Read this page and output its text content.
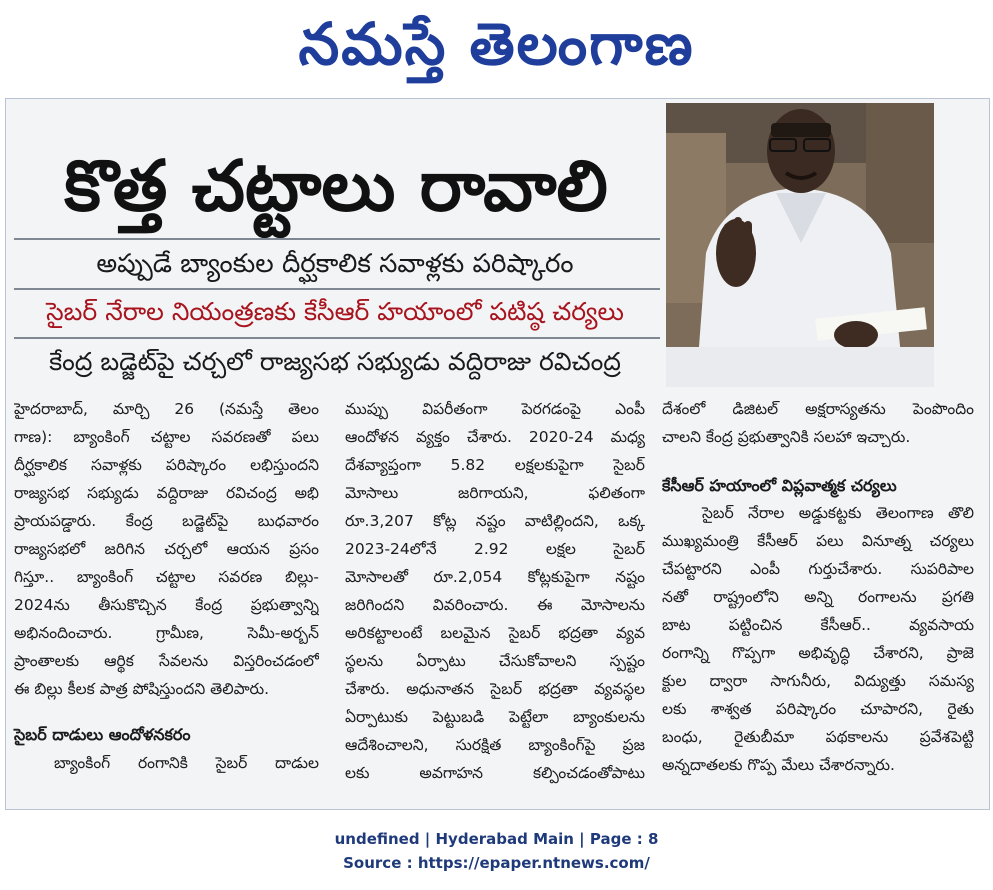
నమస్తే తెలంగాణ
కొత్త చట్టాలు రావాలి
అప్పుడే బ్యాంకుల దీర్ఘకాలిక సవాళ్లకు పరిష్కారం
సైబర్ నేరాల నియంత్రణకు కేసీఆర్ హయాంలో పటిష్ఠ చర్యలు
కేంద్ర బడ్జెట్‌పై చర్చలో రాజ్యసభ సభ్యుడు వద్దిరాజు రవిచంద్ర
హైదరాబాద్, మార్చి 26 (నమస్తే తెలం
గాణ): బ్యాంకింగ్ చట్టాల సవరణతో పలు
దీర్ఘకాలిక సవాళ్లకు పరిష్కారం లభిస్తుందని
రాజ్యసభ సభ్యుడు వద్దిరాజు రవిచంద్ర అభి
ప్రాయపడ్డారు. కేంద్ర బడ్జెట్‌పై బుధవారం
రాజ్యసభలో జరిగిన చర్చలో ఆయన ప్రసం
గిస్తూ.. బ్యాంకింగ్ చట్టాల సవరణ బిల్లు-
2024ను తీసుకొచ్చిన కేంద్ర ప్రభుత్వాన్ని
అభినందించారు. గ్రామీణ, సెమీ-అర్బన్
ప్రాంతాలకు ఆర్థిక సేవలను విస్తరించడంలో
ఈ బిల్లు కీలక పాత్ర పోషిస్తుందని తెలిపారు.
సైబర్ దాడులు ఆందోళనకరం
బ్యాంకింగ్ రంగానికి సైబర్ దాడుల
ముప్పు విపరీతంగా పెరగడంపై ఎంపీ
ఆందోళన వ్యక్తం చేశారు. 2020-24 మధ్య
దేశవ్యాప్తంగా 5.82 లక్షలకుపైగా సైబర్
మోసాలు జరిగాయని, ఫలితంగా
రూ.3,207 కోట్ల నష్టం వాటిల్లిందని, ఒక్క
2023-24లోనే 2.92 లక్షల సైబర్
మోసాలతో రూ.2,054 కోట్లకుపైగా నష్టం
జరిగిందని వివరించారు. ఈ మోసాలను
అరికట్టాలంటే బలమైన సైబర్ భద్రతా వ్యవ
స్థలను ఏర్పాటు చేసుకోవాలని స్పష్టం
చేశారు. అధునాతన సైబర్ భద్రతా వ్యవస్థల
ఏర్పాటుకు పెట్టుబడి పెట్టేలా బ్యాంకులను
ఆదేశించాలని, సురక్షిత బ్యాంకింగ్‌పై ప్రజ
లకు అవగాహన కల్పించడంతోపాటు
దేశంలో డిజిటల్ అక్షరాస్యతను పెంపొందిం
చాలని కేంద్ర ప్రభుత్వానికి సలహా ఇచ్చారు.
కేసీఆర్ హయాంలో విప్లవాత్మక చర్యలు
సైబర్ నేరాల అడ్డుకట్టకు తెలంగాణ తొలి
ముఖ్యమంత్రి కేసీఆర్ పలు వినూత్న చర్యలు
చేపట్టారని ఎంపీ గుర్తుచేశారు. సుపరిపాల
నతో రాష్ట్రంలోని అన్ని రంగాలను ప్రగతి
బాట పట్టించిన కేసీఆర్.. వ్యవసాయ
రంగాన్ని గొప్పగా అభివృద్ధి చేశారని, ప్రాజె
క్టుల ద్వారా సాగునీరు, విద్యుత్తు సమస్య
లకు శాశ్వత పరిష్కారం చూపారని, రైతు
బంధు, రైతుబీమా పథకాలను ప్రవేశపెట్టి
అన్నదాతలకు గొప్ప మేలు చేశారన్నారు.
undefined | Hyderabad Main | Page : 8
Source : https://epaper.ntnews.com/
